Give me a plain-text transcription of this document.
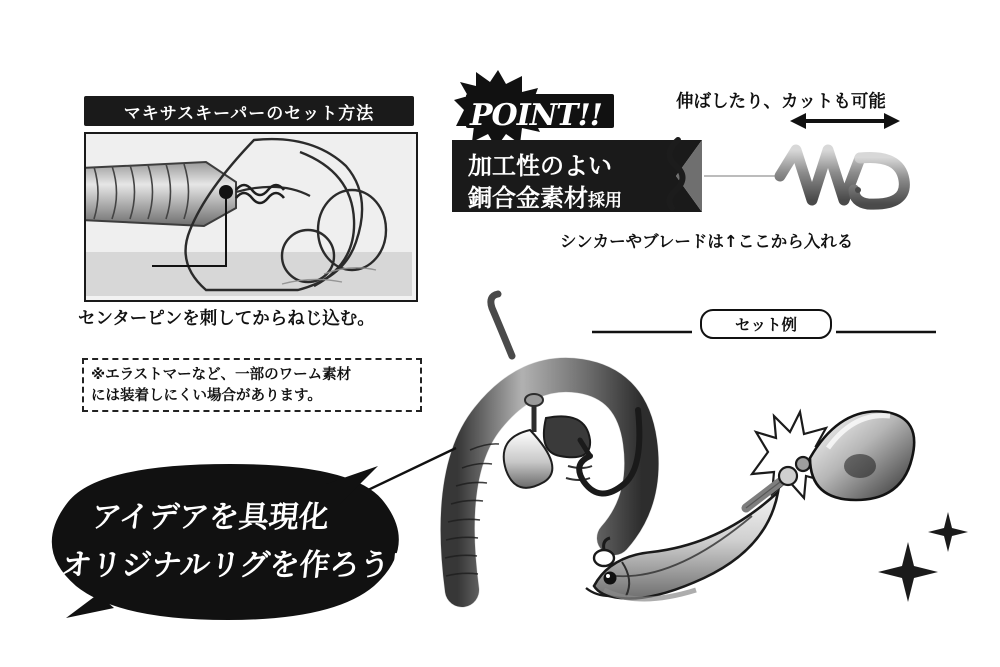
マキサスキーパーのセット方法
センターピンを刺してからねじ込む。
※エラストマーなど、一部のワーム素材
には装着しにくい場合があります。
POINT!!
加工性のよい
銅合金素材採用
伸ばしたり、カットも可能
シンカーやブレードは↑ここから入れる
セット例
アイデアを具現化
オリジナルリグを作ろう!
